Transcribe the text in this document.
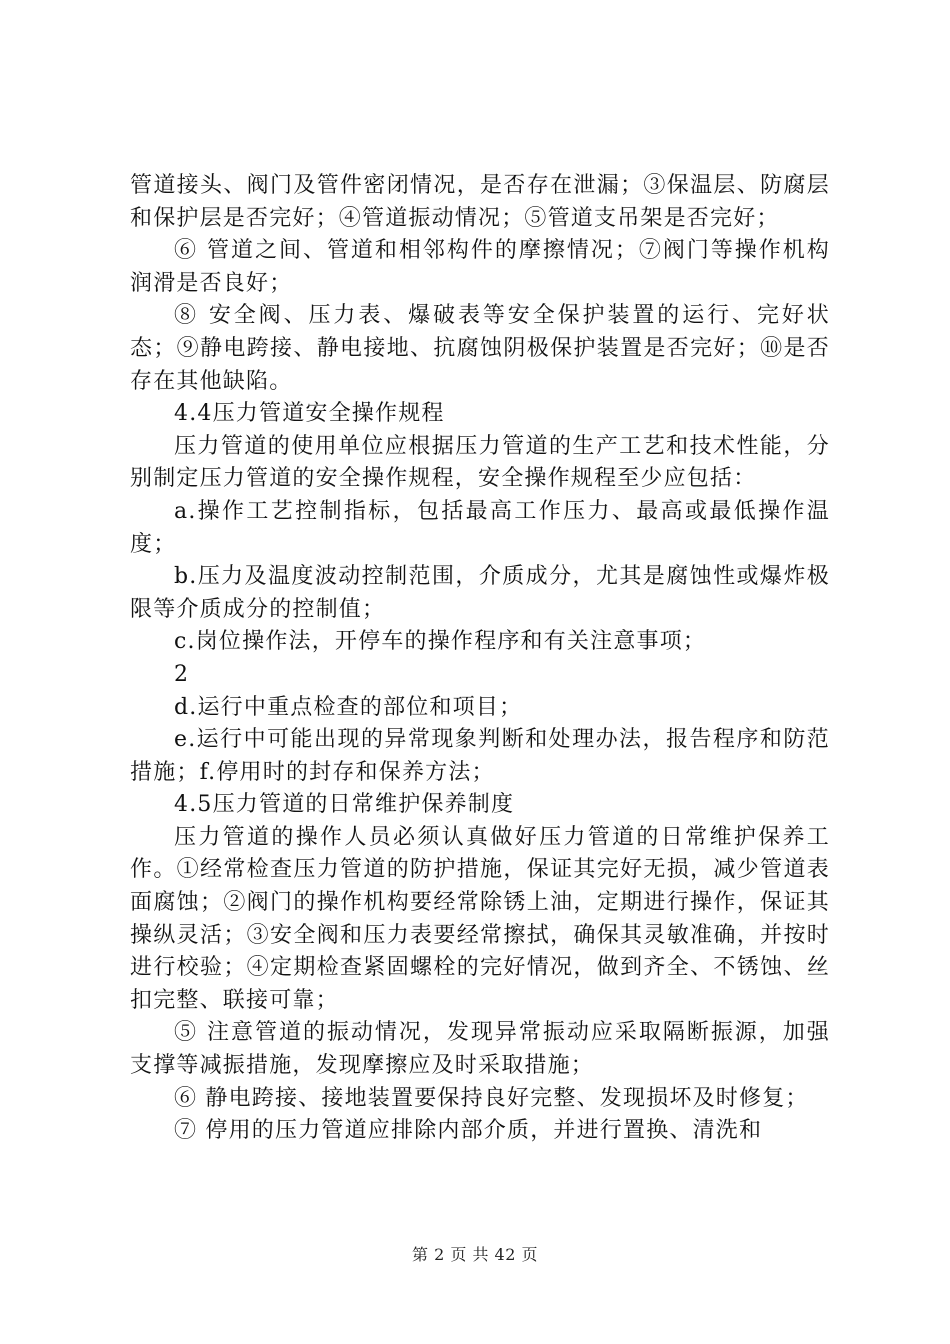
管道接头、阀门及管件密闭情况，是否存在泄漏；③保温层、防腐层和保护层是否完好；④管道振动情况；⑤管道支吊架是否完好；

⑥ 管道之间、管道和相邻构件的摩擦情况；⑦阀门等操作机构润滑是否良好；

⑧ 安全阀、压力表、爆破表等安全保护装置的运行、完好状态；⑨静电跨接、静电接地、抗腐蚀阴极保护装置是否完好；⑩是否存在其他缺陷。

4.4压力管道安全操作规程

压力管道的使用单位应根据压力管道的生产工艺和技术性能，分别制定压力管道的安全操作规程，安全操作规程至少应包括：

a.操作工艺控制指标，包括最高工作压力、最高或最低操作温度；

b.压力及温度波动控制范围，介质成分，尤其是腐蚀性或爆炸极限等介质成分的控制值；

c.岗位操作法，开停车的操作程序和有关注意事项；

2

d.运行中重点检查的部位和项目；

e.运行中可能出现的异常现象判断和处理办法，报告程序和防范措施；f.停用时的封存和保养方法；

4.5压力管道的日常维护保养制度

压力管道的操作人员必须认真做好压力管道的日常维护保养工作。①经常检查压力管道的防护措施，保证其完好无损，减少管道表面腐蚀；②阀门的操作机构要经常除锈上油，定期进行操作，保证其操纵灵活；③安全阀和压力表要经常擦拭，确保其灵敏准确，并按时进行校验；④定期检查紧固螺栓的完好情况，做到齐全、不锈蚀、丝扣完整、联接可靠；

⑤ 注意管道的振动情况，发现异常振动应采取隔断振源，加强支撑等减振措施，发现摩擦应及时采取措施；

⑥ 静电跨接、接地装置要保持良好完整、发现损坏及时修复；

⑦ 停用的压力管道应排除内部介质，并进行置换、清洗和

第 2 页 共 42 页
